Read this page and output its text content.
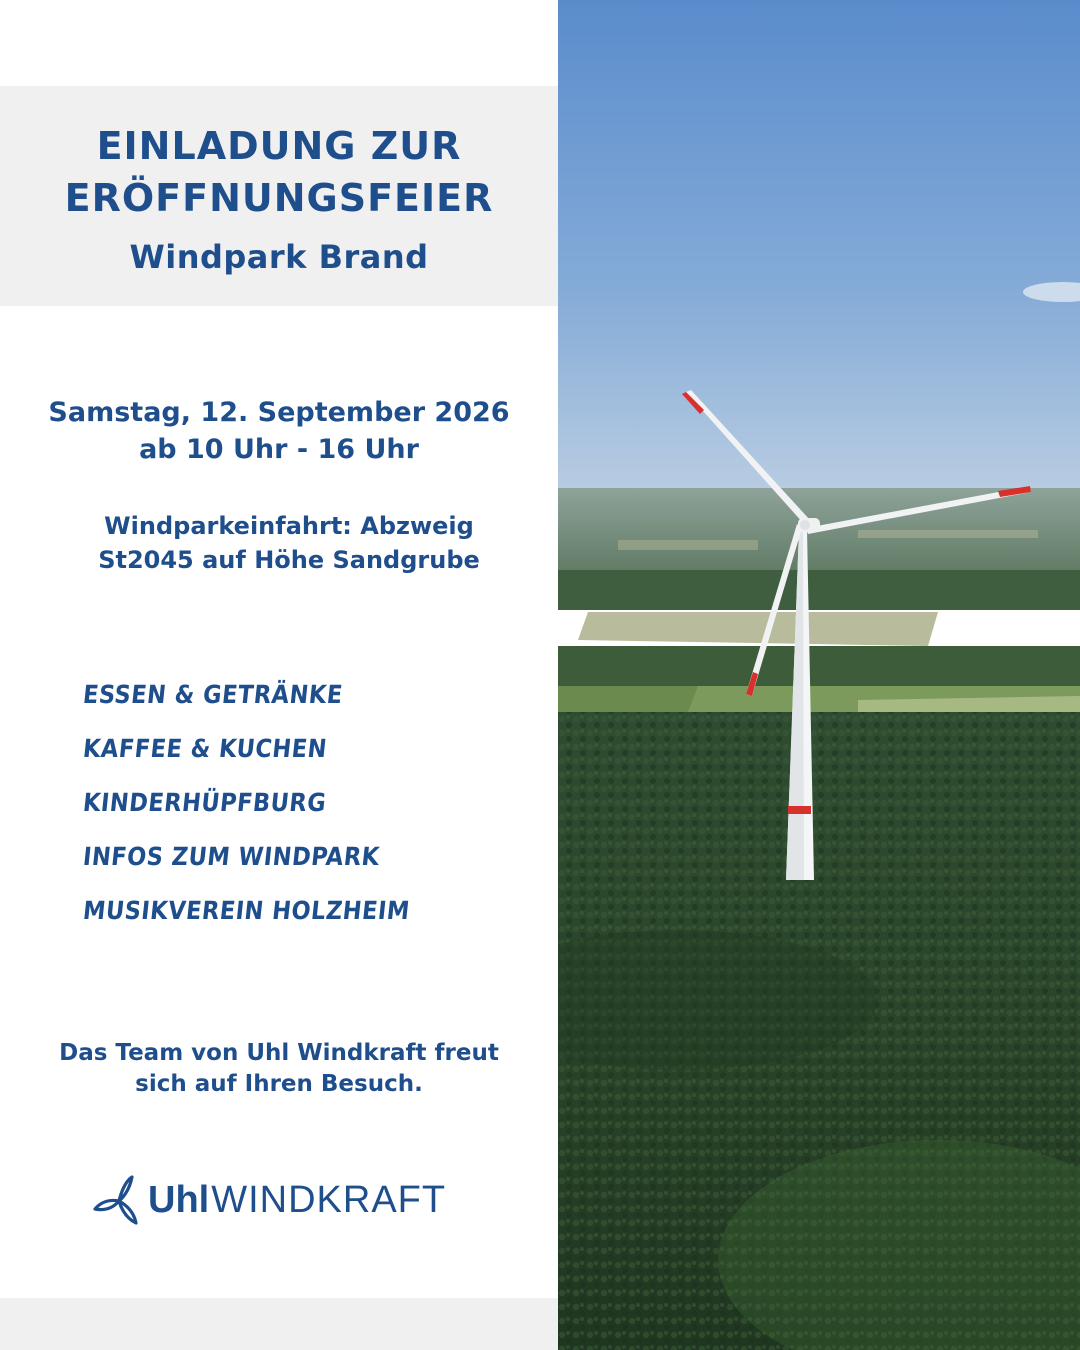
EINLADUNG ZUR
ERÖFFNUNGSFEIER
Windpark Brand
Samstag, 12. September 2026
ab 10 Uhr - 16 Uhr
Windparkeinfahrt: Abzweig
St2045 auf Höhe Sandgrube
ESSEN & GETRÄNKE
KAFFEE & KUCHEN
KINDERHÜPFBURG
INFOS ZUM WINDPARK
MUSIKVEREIN HOLZHEIM
Das Team von Uhl Windkraft freut
sich auf Ihren Besuch.
Uhl WINDKRAFT
